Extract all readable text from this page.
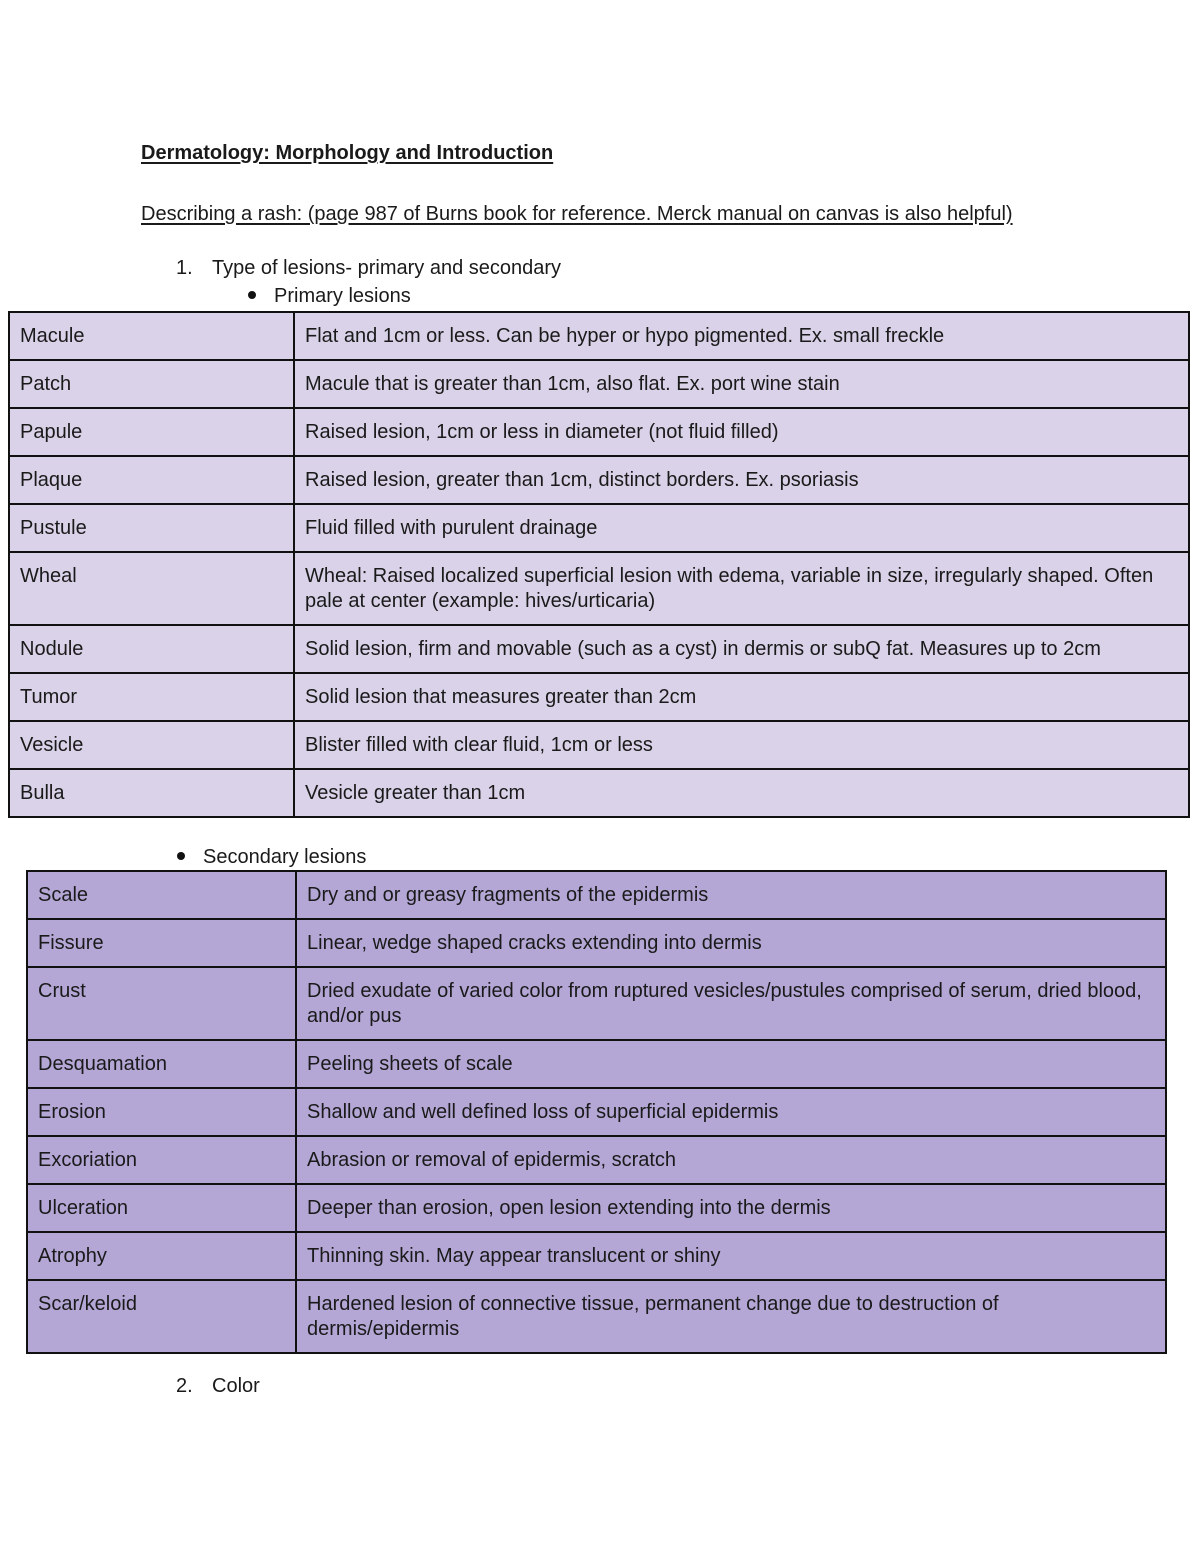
Dermatology: Morphology and Introduction
Describing a rash: (page 987 of Burns book for reference. Merck manual on canvas is also helpful)
1. Type of lesions- primary and secondary
Primary lesions
Macule	Flat and 1cm or less. Can be hyper or hypo pigmented. Ex. small freckle
Patch	Macule that is greater than 1cm, also flat. Ex. port wine stain
Papule	Raised lesion, 1cm or less in diameter (not fluid filled)
Plaque	Raised lesion, greater than 1cm, distinct borders. Ex. psoriasis
Pustule	Fluid filled with purulent drainage
Wheal	Wheal: Raised localized superficial lesion with edema, variable in size, irregularly shaped. Often pale at center (example: hives/urticaria)
Nodule	Solid lesion, firm and movable (such as a cyst) in dermis or subQ fat. Measures up to 2cm
Tumor	Solid lesion that measures greater than 2cm
Vesicle	Blister filled with clear fluid, 1cm or less
Bulla	Vesicle greater than 1cm
Secondary lesions
Scale	Dry and or greasy fragments of the epidermis
Fissure	Linear, wedge shaped cracks extending into dermis
Crust	Dried exudate of varied color from ruptured vesicles/pustules comprised of serum, dried blood, and/or pus
Desquamation	Peeling sheets of scale
Erosion	Shallow and well defined loss of superficial epidermis
Excoriation	Abrasion or removal of epidermis, scratch
Ulceration	Deeper than erosion, open lesion extending into the dermis
Atrophy	Thinning skin. May appear translucent or shiny
Scar/keloid	Hardened lesion of connective tissue, permanent change due to destruction of dermis/epidermis
2. Color
